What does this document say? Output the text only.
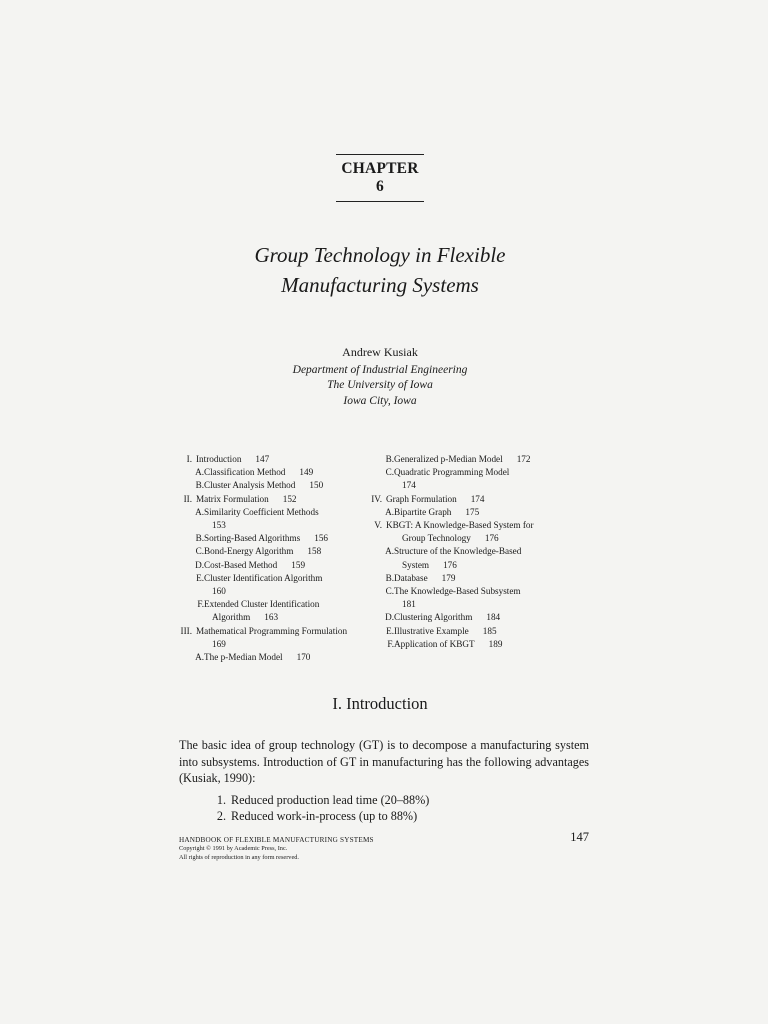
CHAPTER 6
Group Technology in Flexible
Manufacturing Systems
Andrew Kusiak
Department of Industrial Engineering
The University of Iowa
Iowa City, Iowa
I. Introduction 147
A. Classification Method 149
B. Cluster Analysis Method 150
II. Matrix Formulation 152
A. Similarity Coefficient Methods
153
B. Sorting-Based Algorithms 156
C. Bond-Energy Algorithm 158
D. Cost-Based Method 159
E. Cluster Identification Algorithm
160
F. Extended Cluster Identification
Algorithm 163
III. Mathematical Programming Formulation
169
A. The p-Median Model 170
B. Generalized p-Median Model 172
C. Quadratic Programming Model
174
IV. Graph Formulation 174
A. Bipartite Graph 175
V. KBGT: A Knowledge-Based System for
Group Technology 176
A. Structure of the Knowledge-Based
System 176
B. Database 179
C. The Knowledge-Based Subsystem
181
D. Clustering Algorithm 184
E. Illustrative Example 185
F. Application of KBGT 189
I. Introduction
The basic idea of group technology (GT) is to decompose a manufacturing system into subsystems. Introduction of GT in manufacturing has the following advantages (Kusiak, 1990):
1. Reduced production lead time (20–88%)
2. Reduced work-in-process (up to 88%)
HANDBOOK OF FLEXIBLE MANUFACTURING SYSTEMS
Copyright © 1991 by Academic Press, Inc.
All rights of reproduction in any form reserved.
147
